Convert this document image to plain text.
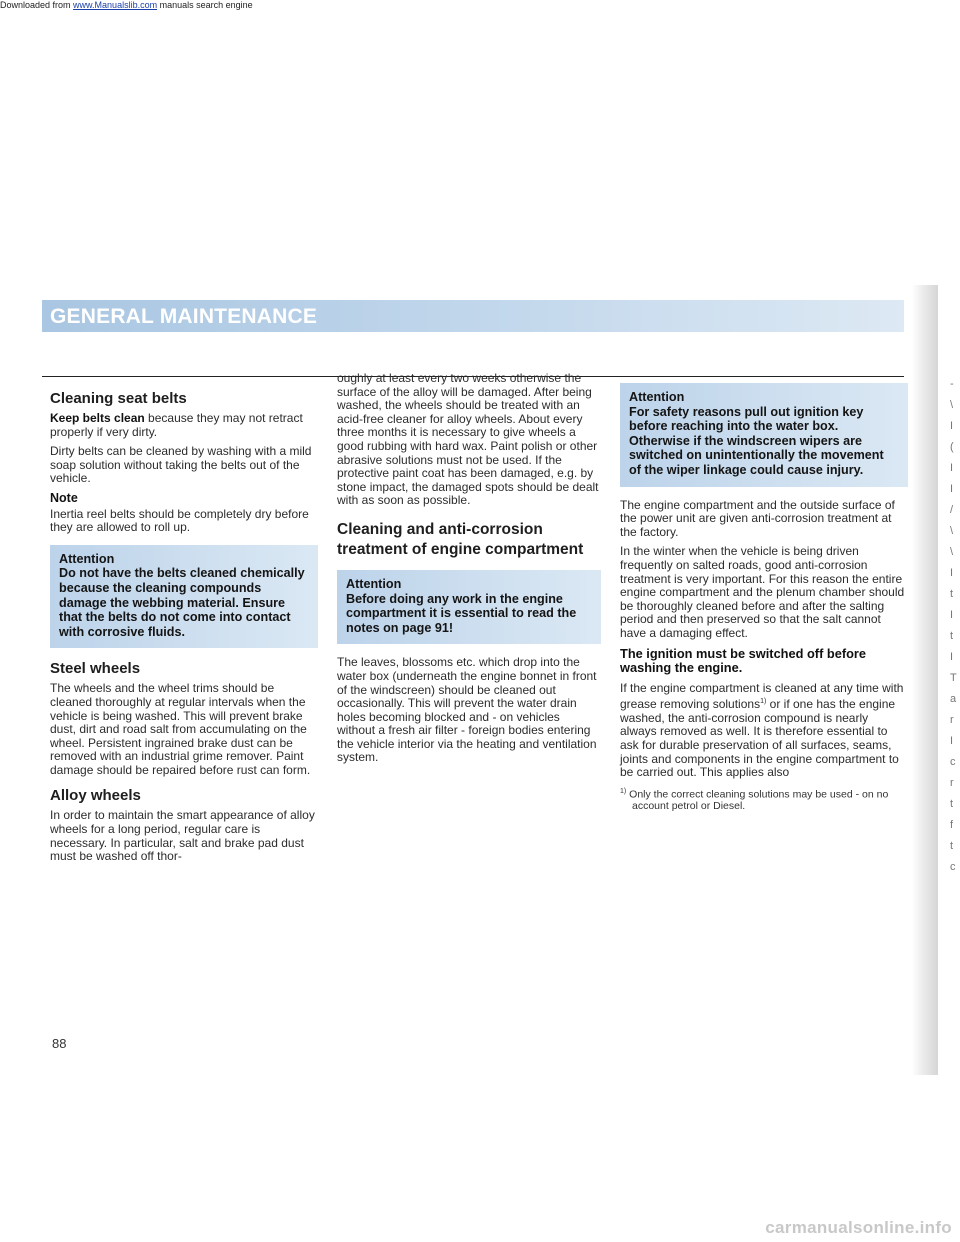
Downloaded from www.Manualslib.com manuals search engine
GENERAL MAINTENANCE
Cleaning seat belts

Keep belts clean because they may not retract properly if very dirty.

Dirty belts can be cleaned by washing with a mild soap solution without taking the belts out of the vehicle.

Note

Inertia reel belts should be completely dry before they are allowed to roll up.

Attention
Do not have the belts cleaned chemically because the cleaning compounds damage the webbing material. Ensure that the belts do not come into contact with corrosive fluids.
Steel wheels

The wheels and the wheel trims should be cleaned thoroughly at regular intervals when the vehicle is being washed. This will prevent brake dust, dirt and road salt from accumulating on the wheel. Persistent ingrained brake dust can be removed with an industrial grime remover. Paint damage should be repaired before rust can form.

Alloy wheels

In order to maintain the smart appearance of alloy wheels for a long period, regular care is necessary. In particular, salt and brake pad dust must be washed off thor-

88

oughly at least every two weeks otherwise the surface of the alloy will be damaged. After being washed, the wheels should be treated with an acid-free cleaner for alloy wheels. About every three months it is necessary to give wheels a good rubbing with hard wax. Paint polish or other abrasive solutions must not be used. If the protective paint coat has been damaged, e.g. by stone impact, the damaged spots should be dealt with as soon as possible.

Cleaning and anti-corrosion treatment of engine compartment
Attention
Before doing any work in the engine compartment it is essential to read the notes on page 91!

The leaves, blossoms etc. which drop into the water box (underneath the engine bonnet in front of the windscreen) should be cleaned out occasionally. This will prevent the water drain holes becoming blocked and - on vehicles without a fresh air filter - foreign bodies entering the vehicle interior via the heating and ventilation system.

Attention
For safety reasons pull out ignition key before reaching into the water box. Otherwise if the windscreen wipers are switched on unintentionally the movement of the wiper linkage could cause injury.

The engine compartment and the outside surface of the power unit are given anti-corrosion treatment at the factory.

In the winter when the vehicle is being driven frequently on salted roads, good anti-corrosion treatment is very important. For this reason the entire engine compartment and the plenum chamber should be thoroughly cleaned before and after the salting period and then preserved so that the salt cannot have a damaging effect.

The ignition must be switched off before washing the engine.

If the engine compartment is cleaned at any time with grease removing solutions$^{1)}$ or if one has the engine washed, the anti-corrosion compound is nearly always removed as well. It is therefore essential to ask for durable preservation of all surfaces, seams, joints and components in the engine compartment to be carried out. This applies also

$^{1)}$ Only the correct cleaning solutions may be used - on no account petrol or Diesel.
-
\
I
(
I
I
/
\
\
I
t
I
t
I
T
a
r
I
c
r
t
f
t
c
carmanualsonline.info
